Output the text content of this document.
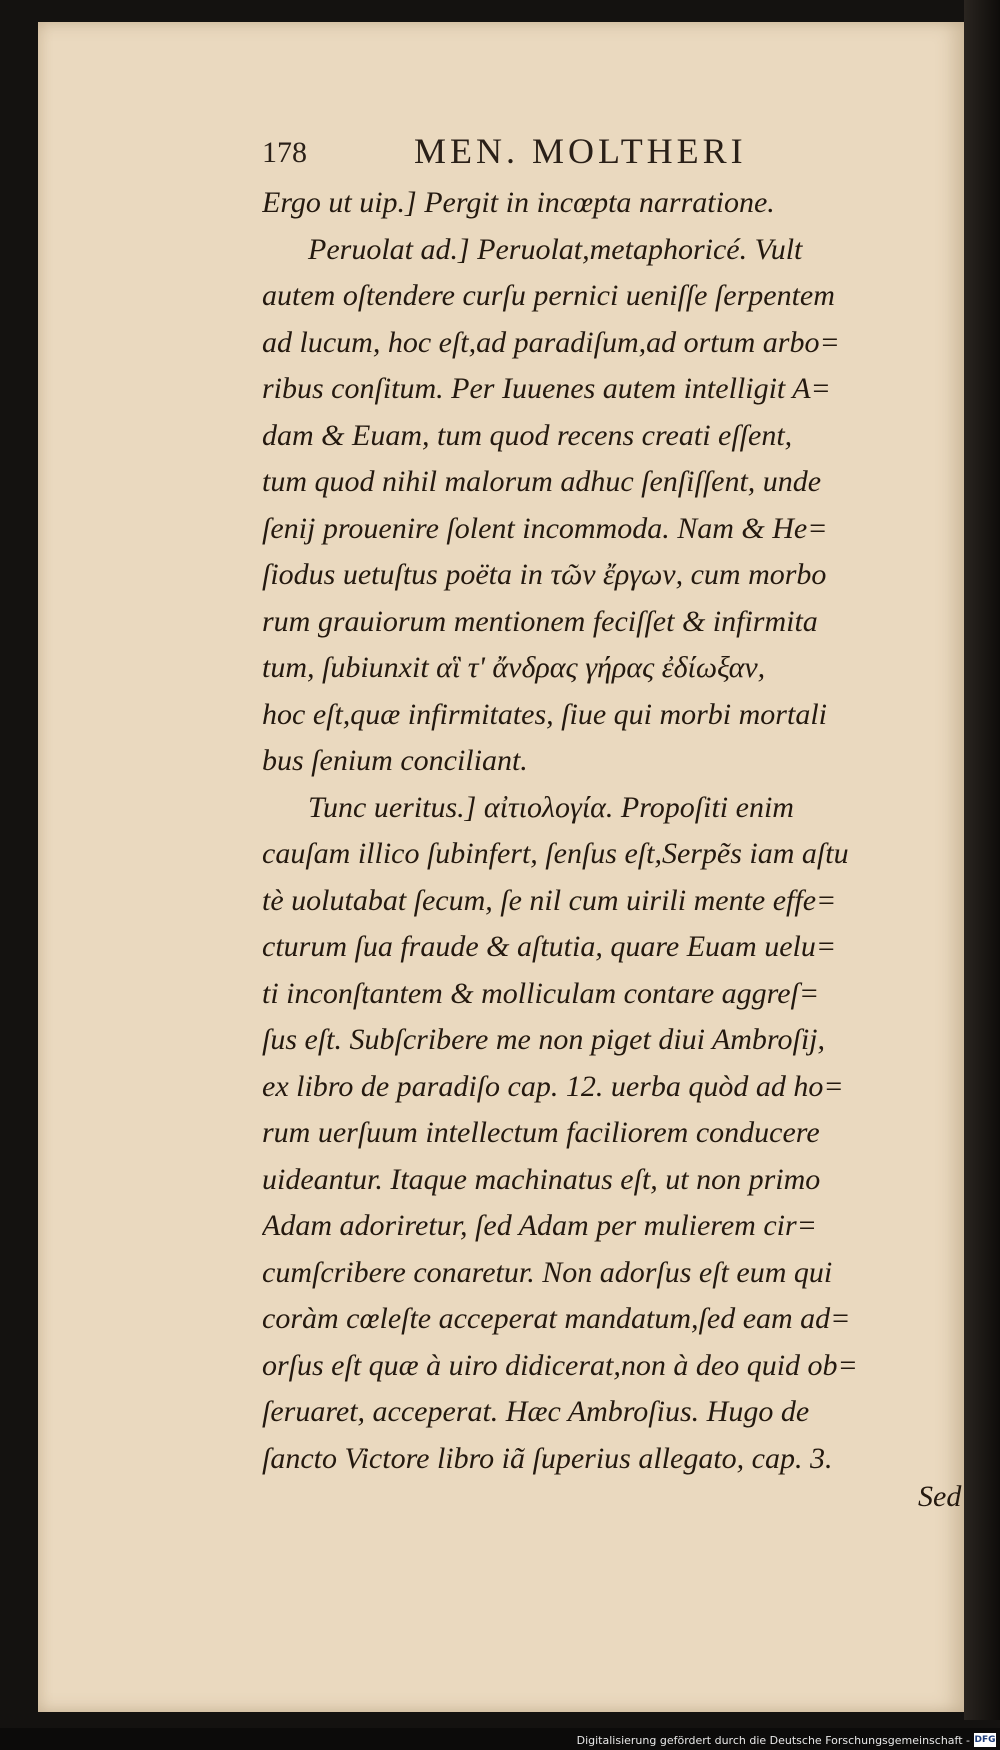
178	MEN. MOLTHERI
Ergo ut uip.] Pergit in incœpta narratione.
Peruolat ad.] Peruolat,metaphoricé. Vult
autem oſtendere curſu pernici ueniſſe ſerpentem
ad lucum, hoc eſt,ad paradiſum,ad ortum arbo=
ribus conſitum. Per Iuuenes autem intelligit A=
dam & Euam, tum quod recens creati eſſent,
tum quod nihil malorum adhuc ſenſiſſent, unde
ſenij prouenire ſolent incommoda. Nam & He=
ſiodus uetuſtus poëta in τῶν ἔργων, cum morbo
rum grauiorum mentionem feciſſet & infirmita
tum, ſubiunxit αἳ τ' ἄνδρας γήρας ἐδίωξαν,
hoc eſt,quæ infirmitates, ſiue qui morbi mortali
bus ſenium conciliant.
Tunc ueritus.] αἰτιολογία. Propoſiti enim
cauſam illico ſubinfert, ſenſus eſt,Serpẽs iam aſtu
tè uolutabat ſecum, ſe nil cum uirili mente effe=
cturum ſua fraude & aſtutia, quare Euam uelu=
ti inconſtantem & molliculam contare aggreſ=
ſus eſt. Subſcribere me non piget diui Ambroſij,
ex libro de paradiſo cap. 12. uerba quòd ad ho=
rum uerſuum intellectum faciliorem conducere
uideantur. Itaque machinatus eſt, ut non primo
Adam adoriretur, ſed Adam per mulierem cir=
cumſcribere conaretur. Non adorſus eſt eum qui
coràm cœleſte acceperat mandatum,ſed eam ad=
orſus eſt quæ à uiro didicerat,non à deo quid ob=
ſeruaret, acceperat. Hæc Ambroſius. Hugo de
ſancto Victore libro iã ſuperius allegato, cap. 3.
Sed
Digitalisierung gefördert durch die Deutsche Forschungsgemeinschaft - DFG
